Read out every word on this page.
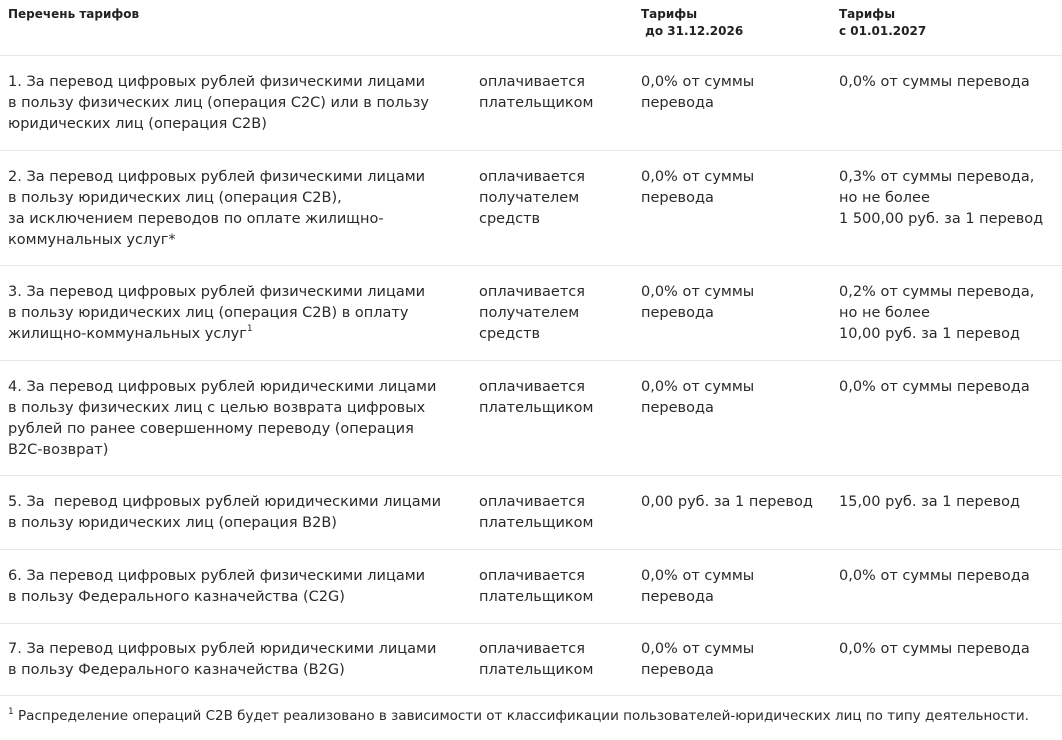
Перечень тарифов	Тарифы
до 31.12.2026
Тарифы
с 01.01.2027
1. За перевод цифровых рублей физическими лицами
в пользу физических лиц (операция C2C) или в пользу
юридических лиц (операция C2B)
оплачивается
плательщиком
0,0% от суммы
перевода
0,0% от суммы перевода
2. За перевод цифровых рублей физическими лицами
в пользу юридических лиц (операция C2B),
за исключением переводов по оплате жилищно-
коммунальных услуг*
оплачивается
получателем
средств
0,0% от суммы
перевода
0,3% от суммы перевода,
но не более
1 500,00 руб. за 1 перевод
3. За перевод цифровых рублей физическими лицами
в пользу юридических лиц (операция C2B) в оплату
жилищно-коммунальных услуг$^1$
оплачивается
получателем
средств
0,0% от суммы
перевода
0,2% от суммы перевода,
но не более
10,00 руб. за 1 перевод
4. За перевод цифровых рублей юридическими лицами
в пользу физических лиц с целью возврата цифровых
рублей по ранее совершенному переводу (операция
B2C-возврат)
оплачивается
плательщиком
0,0% от суммы
перевода
0,0% от суммы перевода
5. За  перевод цифровых рублей юридическими лицами
в пользу юридических лиц (операция B2B)
оплачивается
плательщиком
0,00 руб. за 1 перевод	15,00 руб. за 1 перевод
6. За перевод цифровых рублей физическими лицами
в пользу Федерального казначейства (C2G)
оплачивается
плательщиком
0,0% от суммы
перевода
0,0% от суммы перевода
7. За перевод цифровых рублей юридическими лицами
в пользу Федерального казначейства (B2G)
оплачивается
плательщиком
0,0% от суммы
перевода
0,0% от суммы перевода
$^1$ Распределение операций С2В будет реализовано в зависимости от классификации пользователей-юридических лиц по типу деятельности.
